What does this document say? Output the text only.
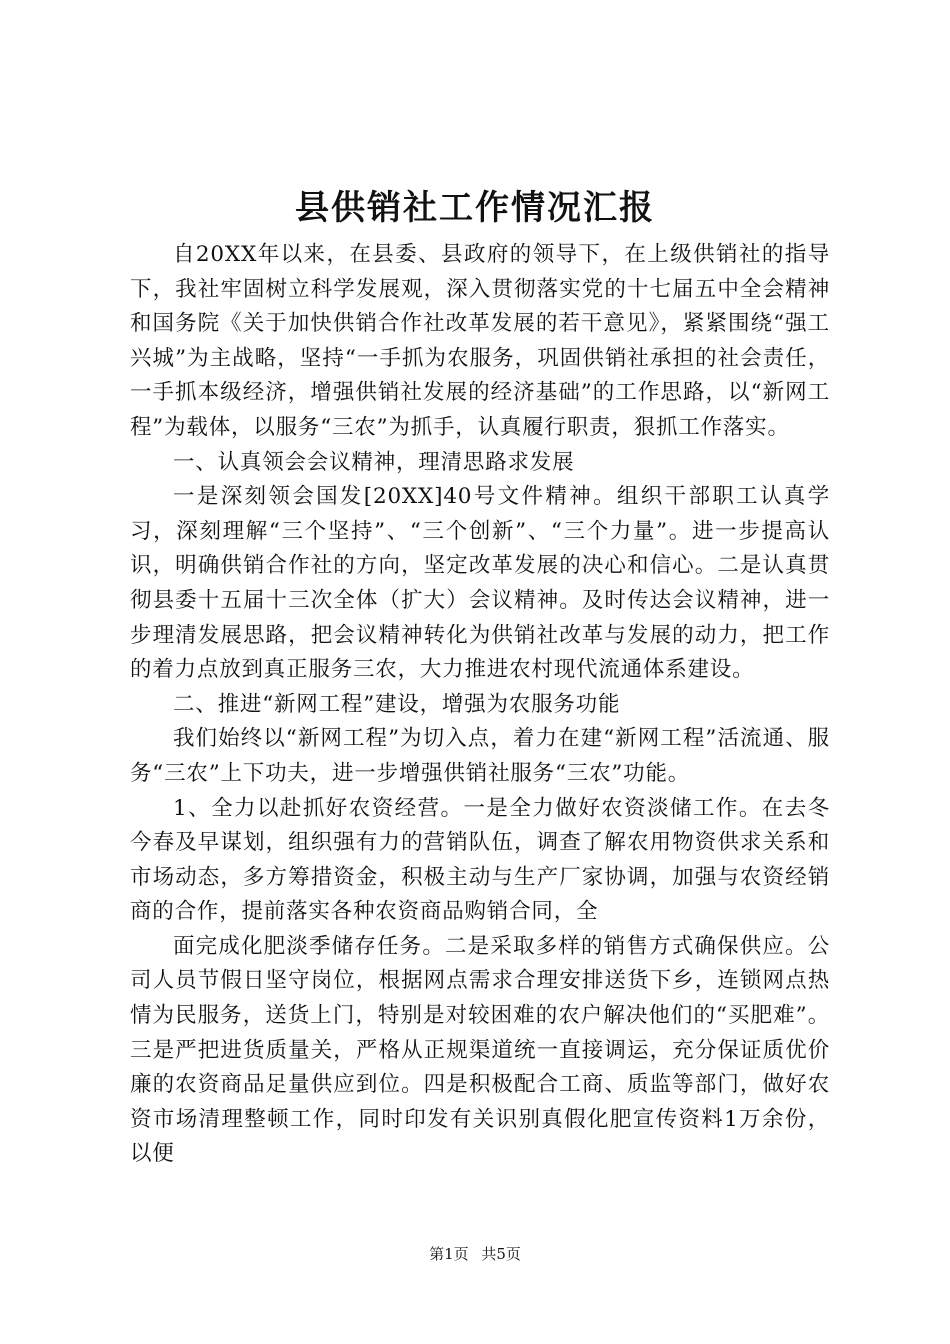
县供销社工作情况汇报

自20XX年以来，在县委、县政府的领导下，在上级供销社的指导下，我社牢固树立科学发展观，深入贯彻落实党的十七届五中全会精神和国务院《关于加快供销合作社改革发展的若干意见》，紧紧围绕“强工兴城”为主战略，坚持“一手抓为农服务，巩固供销社承担的社会责任，一手抓本级经济，增强供销社发展的经济基础”的工作思路，以“新网工程”为载体，以服务“三农”为抓手，认真履行职责，狠抓工作落实。

一、认真领会会议精神，理清思路求发展

一是深刻领会国发[20XX]40号文件精神。组织干部职工认真学习，深刻理解“三个坚持”、“三个创新”、“三个力量”。进一步提高认识，明确供销合作社的方向，坚定改革发展的决心和信心。二是认真贯彻县委十五届十三次全体（扩大）会议精神。及时传达会议精神，进一步理清发展思路，把会议精神转化为供销社改革与发展的动力，把工作的着力点放到真正服务三农，大力推进农村现代流通体系建设。

二、推进“新网工程”建设，增强为农服务功能

我们始终以“新网工程”为切入点，着力在建“新网工程”活流通、服务“三农”上下功夫，进一步增强供销社服务“三农”功能。

1、全力以赴抓好农资经营。一是全力做好农资淡储工作。在去冬今春及早谋划，组织强有力的营销队伍，调查了解农用物资供求关系和市场动态，多方筹措资金，积极主动与生产厂家协调，加强与农资经销商的合作，提前落实各种农资商品购销合同，全

面完成化肥淡季储存任务。二是采取多样的销售方式确保供应。公司人员节假日坚守岗位，根据网点需求合理安排送货下乡，连锁网点热情为民服务，送货上门，特别是对较困难的农户解决他们的“买肥难”。三是严把进货质量关，严格从正规渠道统一直接调运，充分保证质优价廉的农资商品足量供应到位。四是积极配合工商、质监等部门，做好农资市场清理整顿工作，同时印发有关识别真假化肥宣传资料1万余份，以便

第1页 共5页
